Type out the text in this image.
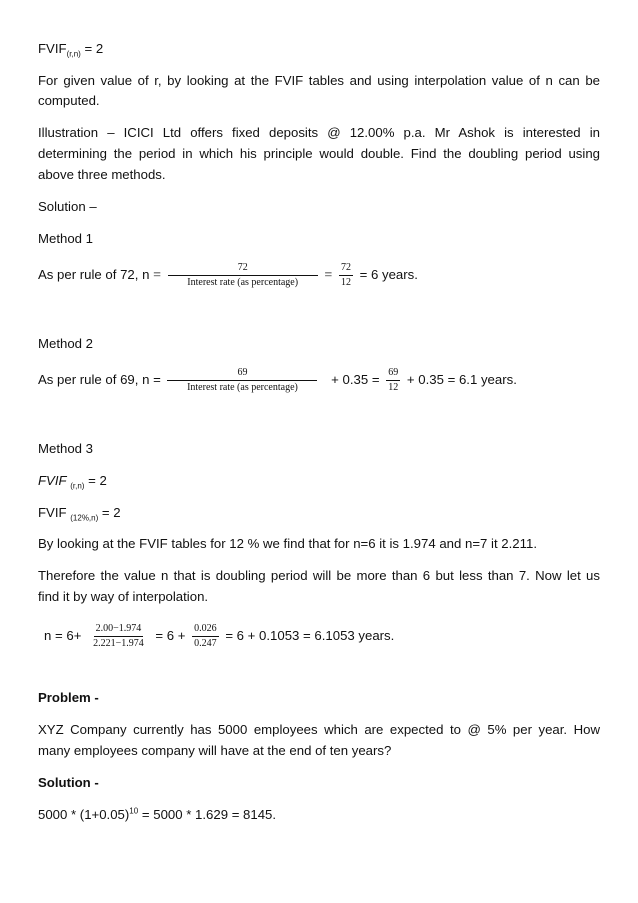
$FVIF_{(r,n)} = 2$
For given value of r, by looking at the FVIF tables and using interpolation value of n can be
computed.
Illustration – ICICI Ltd offers fixed deposits @ 12.00% p.a. Mr Ashok is interested in
determining the period in which his principle would double. Find the doubling period using
above three methods.
Solution –
Method 1
As per rule of 72, $n = \frac{72}{\text{Interest rate (as percentage)}} = \frac{72}{12} = 6$ years.
Method 2
As per rule of 69, $n = \frac{69}{\text{Interest rate (as percentage)}} + 0.35 = \frac{69}{12} + 0.35 = 6.1$ years.
Method 3
FVIF $_{(r,n)}$ = 2
FVIF $_{(12\%,n)}$ = 2
By looking at the FVIF tables for 12 % we find that for n=6 it is 1.974 and n=7 it 2.211.
Therefore the value n that is doubling period will be more than 6 but less than 7. Now let us
find it by way of interpolation.
$n = 6+ \frac{2.00-1.974}{2.221-1.974} = 6 + \frac{0.026}{0.247} = 6 + 0.1053 = 6.1053$ years.
Problem -
XYZ Company currently has 5000 employees which are expected to @ 5% per year. How
many employees company will have at the end of ten years?
Solution -
$5000 * (1+0.05)^{10} = 5000 * 1.629 = 8145$.
